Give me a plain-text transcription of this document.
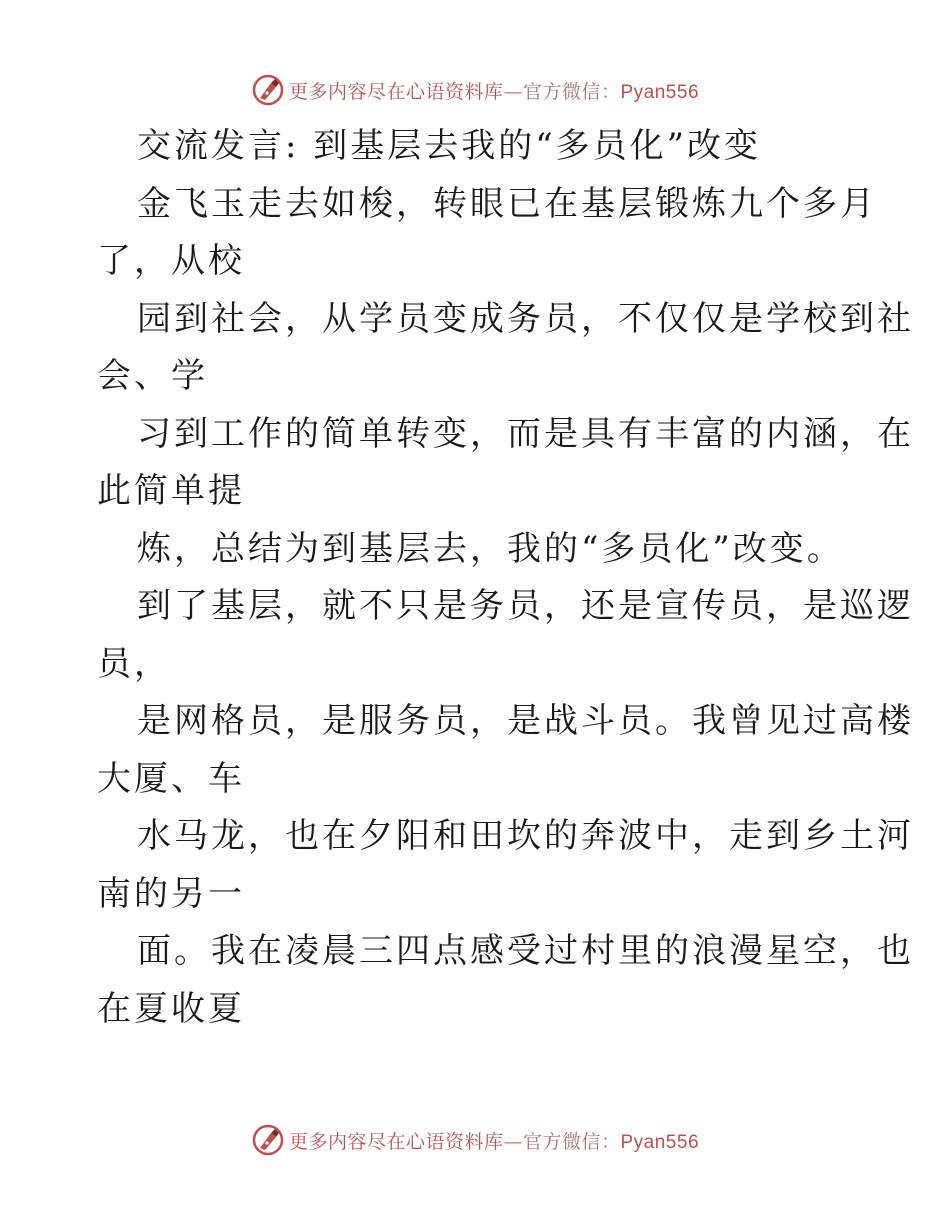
更多内容尽在心语资料库—官方微信：Pyan556
交流发言: 到基层去我的“多员化”改变
金飞玉走去如梭，转眼已在基层锻炼九个多月
了，从校
园到社会，从学员变成务员，不仅仅是学校到社
会、学
习到工作的简单转变，而是具有丰富的内涵，在
此简单提
炼，总结为到基层去，我的“多员化”改变。
到了基层，就不只是务员，还是宣传员，是巡逻
员，
是网格员，是服务员，是战斗员。我曾见过高楼
大厦、车
水马龙，也在夕阳和田坎的奔波中，走到乡土河
南的另一
面。我在凌晨三四点感受过村里的浪漫星空，也
在夏收夏
更多内容尽在心语资料库—官方微信：Pyan556
